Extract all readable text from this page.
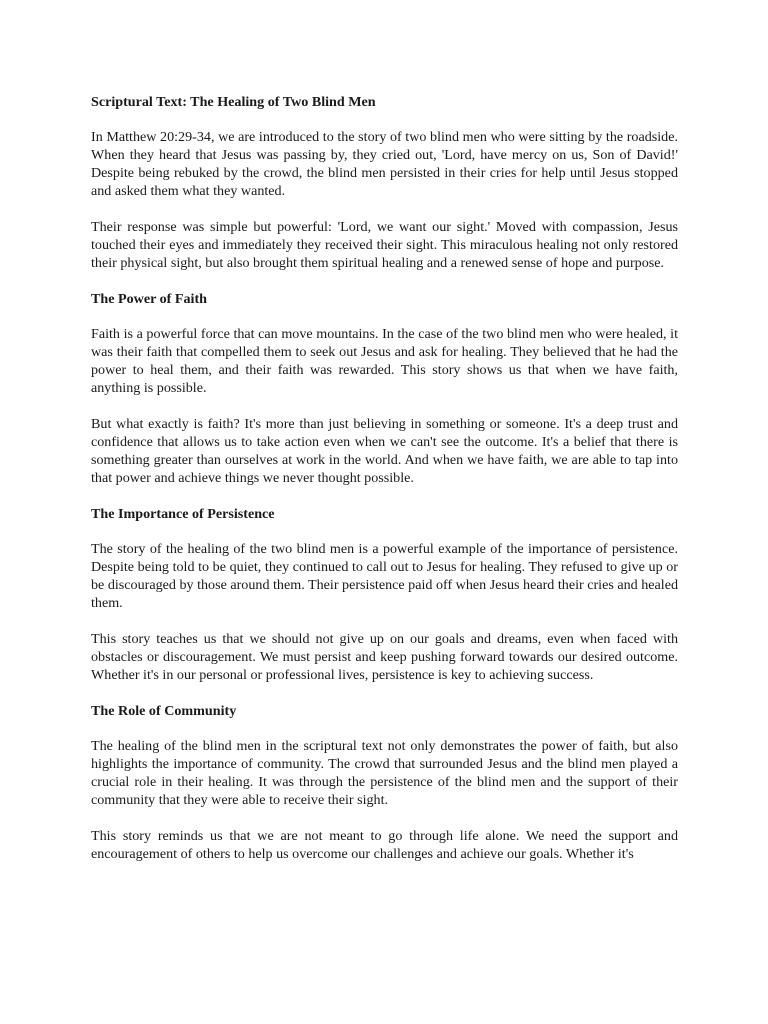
Scriptural Text: The Healing of Two Blind Men

In Matthew 20:29-34, we are introduced to the story of two blind men who were sitting by the roadside. When they heard that Jesus was passing by, they cried out, 'Lord, have mercy on us, Son of David!' Despite being rebuked by the crowd, the blind men persisted in their cries for help until Jesus stopped and asked them what they wanted.

Their response was simple but powerful: 'Lord, we want our sight.' Moved with compassion, Jesus touched their eyes and immediately they received their sight. This miraculous healing not only restored their physical sight, but also brought them spiritual healing and a renewed sense of hope and purpose.

The Power of Faith

Faith is a powerful force that can move mountains. In the case of the two blind men who were healed, it was their faith that compelled them to seek out Jesus and ask for healing. They believed that he had the power to heal them, and their faith was rewarded. This story shows us that when we have faith, anything is possible.

But what exactly is faith? It's more than just believing in something or someone. It's a deep trust and confidence that allows us to take action even when we can't see the outcome. It's a belief that there is something greater than ourselves at work in the world. And when we have faith, we are able to tap into that power and achieve things we never thought possible.

The Importance of Persistence

The story of the healing of the two blind men is a powerful example of the importance of persistence. Despite being told to be quiet, they continued to call out to Jesus for healing. They refused to give up or be discouraged by those around them. Their persistence paid off when Jesus heard their cries and healed them.

This story teaches us that we should not give up on our goals and dreams, even when faced with obstacles or discouragement. We must persist and keep pushing forward towards our desired outcome. Whether it's in our personal or professional lives, persistence is key to achieving success.

The Role of Community

The healing of the blind men in the scriptural text not only demonstrates the power of faith, but also highlights the importance of community. The crowd that surrounded Jesus and the blind men played a crucial role in their healing. It was through the persistence of the blind men and the support of their community that they were able to receive their sight.

This story reminds us that we are not meant to go through life alone. We need the support and encouragement of others to help us overcome our challenges and achieve our goals. Whether it's
